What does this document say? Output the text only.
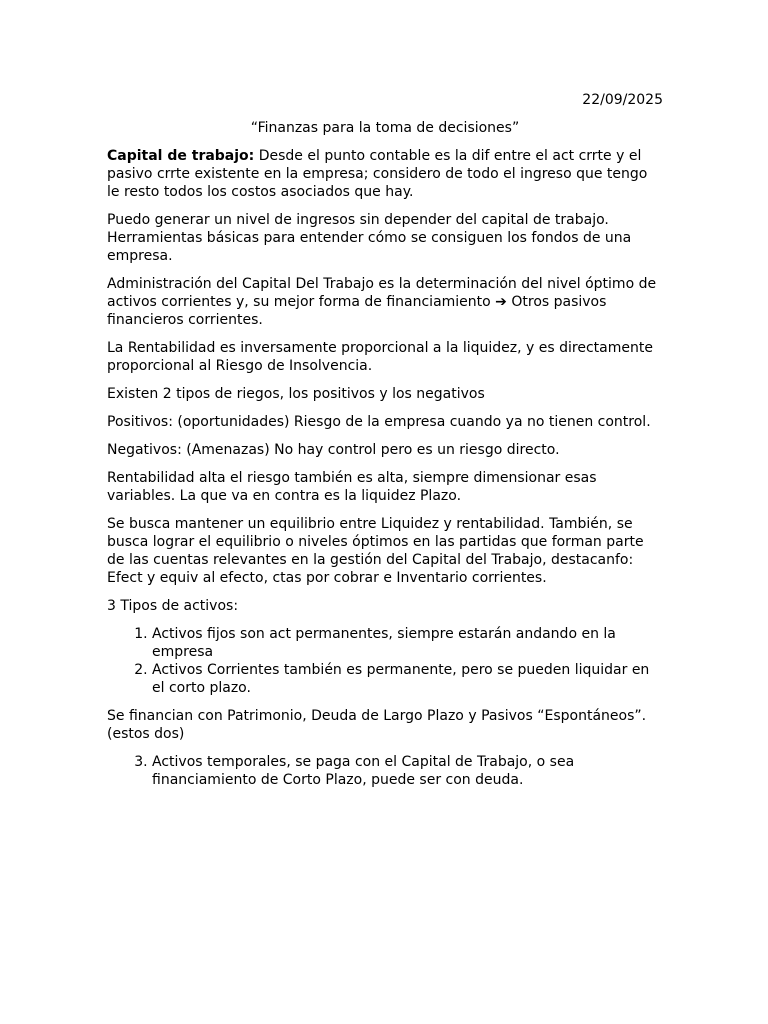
22/09/2025
“Finanzas para la toma de decisiones”

Capital de trabajo: Desde el punto contable es la dif entre el act crrte y el pasivo crrte existente en la empresa; considero de todo el ingreso que tengo le resto todos los costos asociados que hay.

Puedo generar un nivel de ingresos sin depender del capital de trabajo. Herramientas básicas para entender cómo se consiguen los fondos de una empresa.

Administración del Capital Del Trabajo es la determinación del nivel óptimo de activos corrientes y, su mejor forma de financiamiento ➔ Otros pasivos financieros corrientes.

La Rentabilidad es inversamente proporcional a la liquidez, y es directamente proporcional al Riesgo de Insolvencia.

Existen 2 tipos de riegos, los positivos y los negativos

Positivos: (oportunidades) Riesgo de la empresa cuando ya no tienen control.

Negativos: (Amenazas) No hay control pero es un riesgo directo.

Rentabilidad alta el riesgo también es alta, siempre dimensionar esas variables. La que va en contra es la liquidez Plazo.

Se busca mantener un equilibrio entre Liquidez y rentabilidad. También, se busca lograr el equilibrio o niveles óptimos en las partidas que forman parte de las cuentas relevantes en la gestión del Capital del Trabajo, destacanfo: Efect y equiv al efecto, ctas por cobrar e Inventario corrientes.

3 Tipos de activos:

1. Activos fijos son act permanentes, siempre estarán andando en la empresa
2. Activos Corrientes también es permanente, pero se pueden liquidar en el corto plazo.

Se financian con Patrimonio, Deuda de Largo Plazo y Pasivos “Espontáneos”. (estos dos)

3. Activos temporales, se paga con el Capital de Trabajo, o sea financiamiento de Corto Plazo, puede ser con deuda.
